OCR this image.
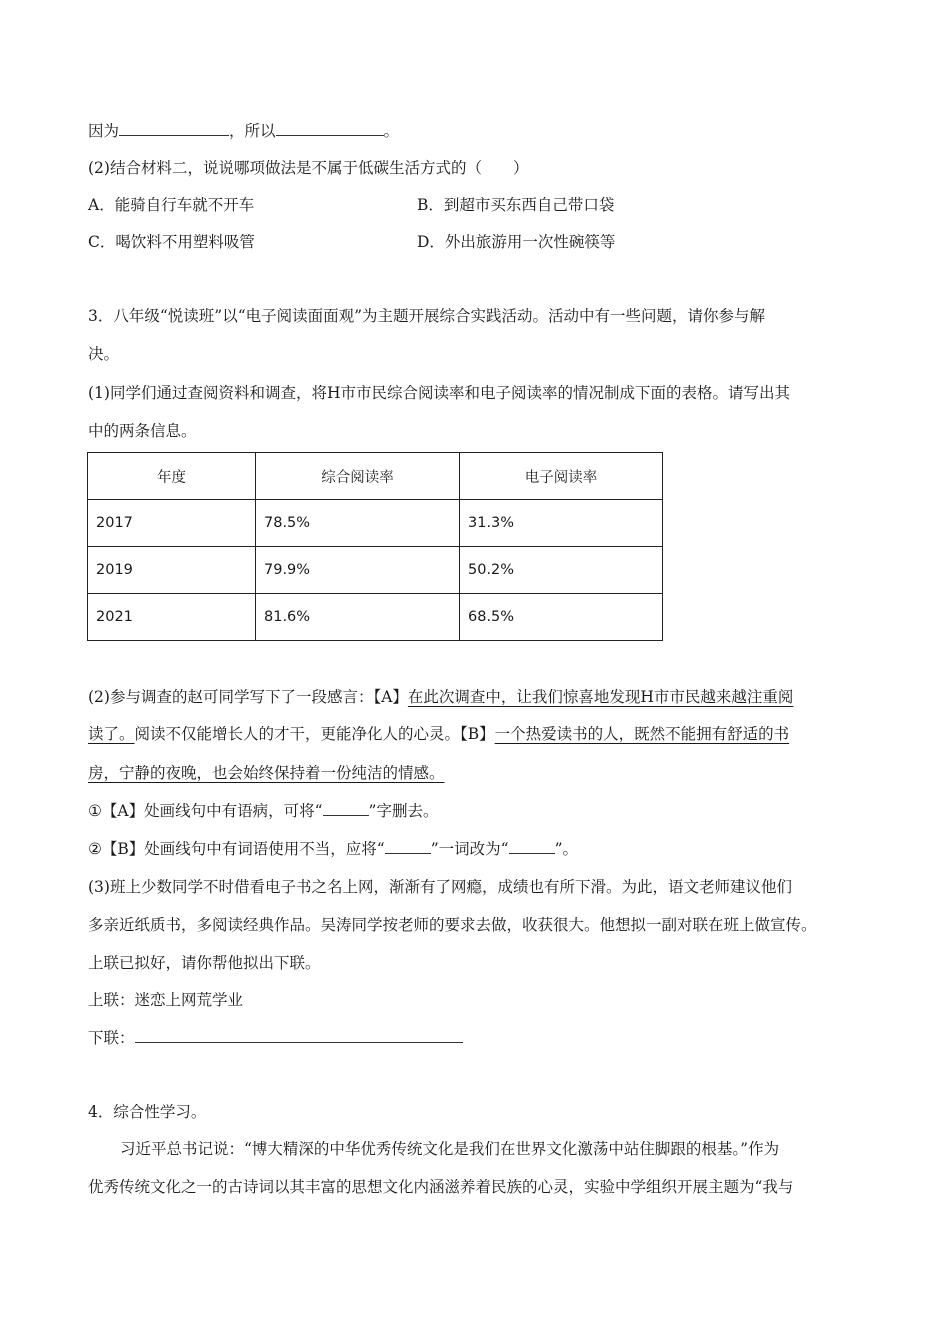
因为	，所以	。
(2)结合材料二，说说哪项做法是不属于低碳生活方式的（　　）
A．能骑自行车就不开车	B．到超市买东西自己带口袋
C．喝饮料不用塑料吸管	D．外出旅游用一次性碗筷等
3．八年级“悦读班”以“电子阅读面面观”为主题开展综合实践活动。活动中有一些问题，请你参与解
决。
(1)同学们通过查阅资料和调查，将H市市民综合阅读率和电子阅读率的情况制成下面的表格。请写出其
中的两条信息。
年度	综合阅读率	电子阅读率
2017	78.5%	31.3%
2019	79.9%	50.2%
2021	81.6%	68.5%
(2)参与调查的赵可同学写下了一段感言：【A】在此次调查中，让我们惊喜地发现H市市民越来越注重阅
读了。阅读不仅能增长人的才干，更能净化人的心灵。【B】一个热爱读书的人，既然不能拥有舒适的书
房，宁静的夜晚，也会始终保持着一份纯洁的情感。
①【A】处画线句中有语病，可将“	”字删去。
②【B】处画线句中有词语使用不当，应将“	”一词改为“	”。
(3)班上少数同学不时借看电子书之名上网，渐渐有了网瘾，成绩也有所下滑。为此，语文老师建议他们
多亲近纸质书，多阅读经典作品。吴涛同学按老师的要求去做，收获很大。他想拟一副对联在班上做宣传。
上联已拟好，请你帮他拟出下联。
上联：迷恋上网荒学业
下联：
4．综合性学习。
习近平总书记说：“博大精深的中华优秀传统文化是我们在世界文化激荡中站住脚跟的根基。”作为
优秀传统文化之一的古诗词以其丰富的思想文化内涵滋养着民族的心灵，实验中学组织开展主题为“我与
